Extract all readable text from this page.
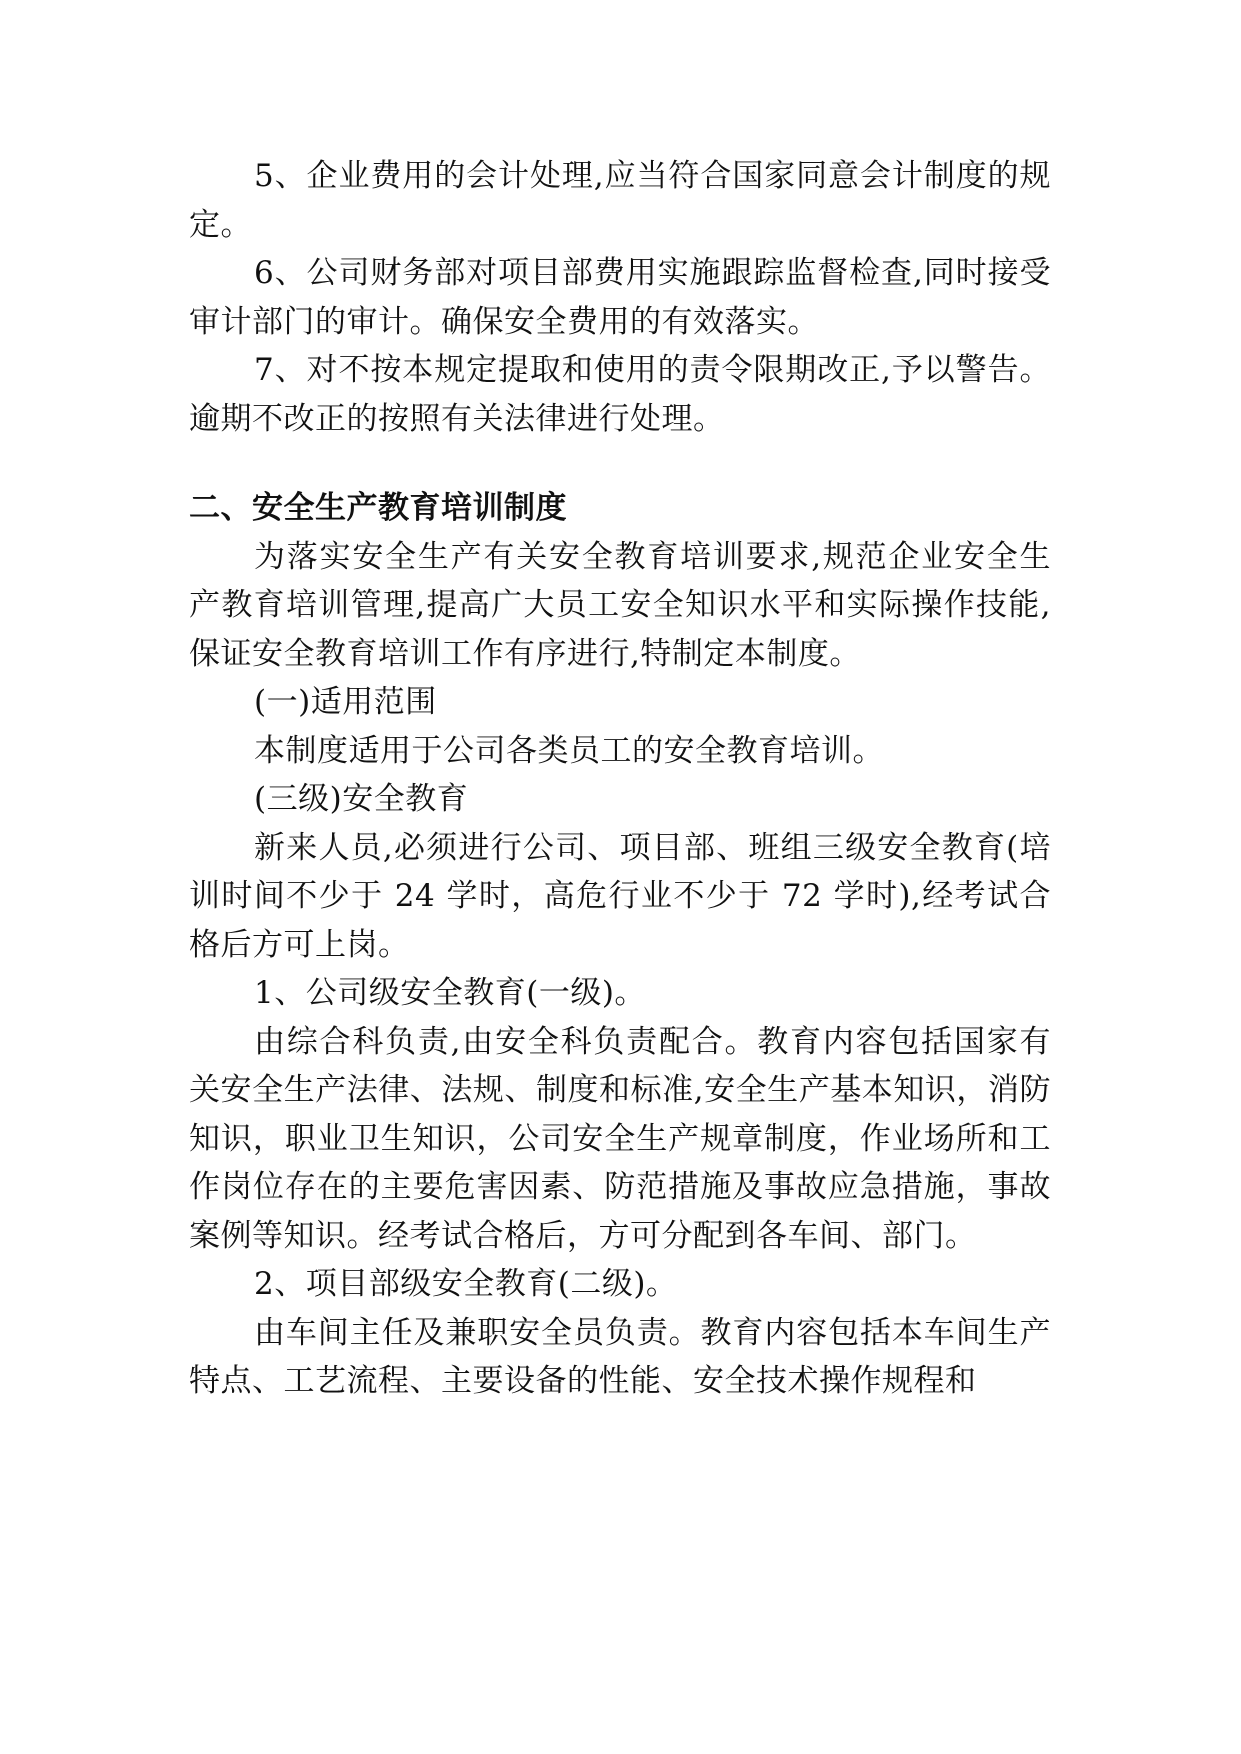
5、企业费用的会计处理,应当符合国家同意会计制度的规定。

6、公司财务部对项目部费用实施跟踪监督检查,同时接受审计部门的审计。确保安全费用的有效落实。

7、对不按本规定提取和使用的责令限期改正,予以警告。逾期不改正的按照有关法律进行处理。

二、安全生产教育培训制度

为落实安全生产有关安全教育培训要求,规范企业安全生产教育培训管理,提高广大员工安全知识水平和实际操作技能,保证安全教育培训工作有序进行,特制定本制度。

(一)适用范围

本制度适用于公司各类员工的安全教育培训。

(三级)安全教育

新来人员,必须进行公司、项目部、班组三级安全教育(培训时间不少于 24 学时，高危行业不少于 72 学时),经考试合格后方可上岗。

1、公司级安全教育(一级)。

由综合科负责,由安全科负责配合。教育内容包括国家有关安全生产法律、法规、制度和标准,安全生产基本知识，消防知识，职业卫生知识，公司安全生产规章制度，作业场所和工作岗位存在的主要危害因素、防范措施及事故应急措施，事故案例等知识。经考试合格后，方可分配到各车间、部门。

2、项目部级安全教育(二级)。

由车间主任及兼职安全员负责。教育内容包括本车间生产特点、工艺流程、主要设备的性能、安全技术操作规程和
